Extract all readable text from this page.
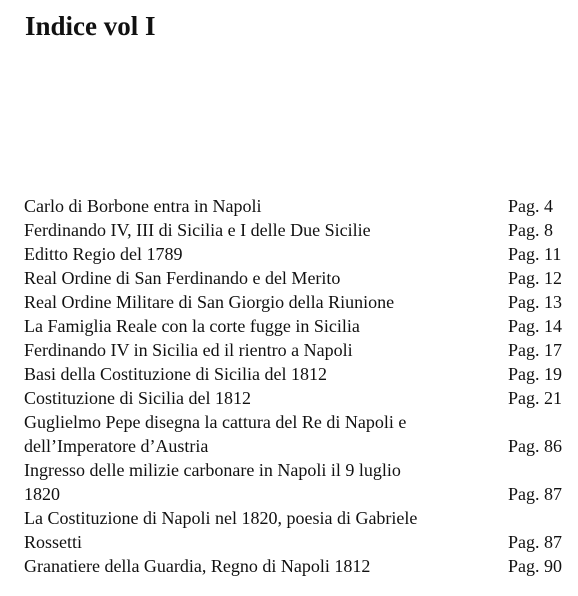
Indice vol I
Carlo di Borbone entra in Napoli	Pag. 4
Ferdinando IV, III di Sicilia e I delle Due Sicilie	Pag. 8
Editto Regio del 1789	Pag. 11
Real Ordine di San Ferdinando e del Merito	Pag. 12
Real Ordine Militare di San Giorgio della Riunione	Pag. 13
La Famiglia Reale con la corte fugge in Sicilia	Pag. 14
Ferdinando IV in Sicilia ed il rientro a Napoli	Pag. 17
Basi della Costituzione di Sicilia del 1812	Pag. 19
Costituzione di Sicilia del 1812	Pag. 21
Guglielmo Pepe disegna la cattura del Re di Napoli e
dell’Imperatore d’Austria	Pag. 86
Ingresso delle milizie carbonare in Napoli il 9 luglio
1820	Pag. 87
La Costituzione di Napoli nel 1820, poesia di Gabriele
Rossetti	Pag. 87
Granatiere della Guardia, Regno di Napoli 1812	Pag. 90
